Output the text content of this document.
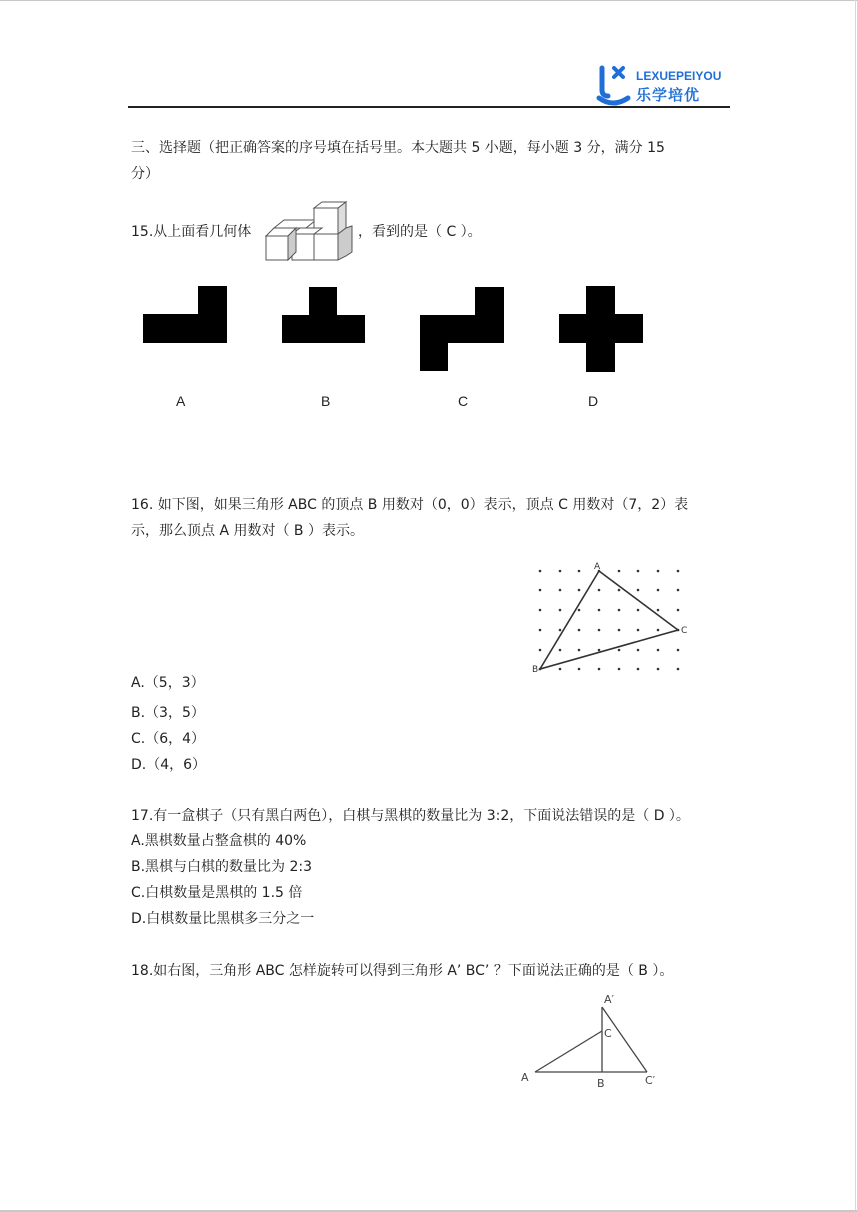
LEXUEPEIYOU
乐学培优
三、选择题（把正确答案的序号填在括号里。本大题共 5 小题，每小题 3 分，满分 15
分）
15.从上面看几何体	，看到的是（ C ）。
A	B	C	D
16. 如下图，如果三角形 ABC 的顶点 B 用数对（0，0）表示，顶点 C 用数对（7，2）表
示，那么顶点 A 用数对（ B ）表示。
A
B
C
A.（5，3）
B.（3，5）
C.（6，4）
D.（4，6）
17.有一盒棋子（只有黑白两色），白棋与黑棋的数量比为 3:2，下面说法错误的是（ D ）。
A.黑棋数量占整盒棋的 40%
B.黑棋与白棋的数量比为 2:3
C.白棋数量是黑棋的 1.5 倍
D.白棋数量比黑棋多三分之一
18.如右图，三角形 ABC 怎样旋转可以得到三角形 A’ BC’ ？下面说法正确的是（ B ）。
A	B
C
A′
C′
